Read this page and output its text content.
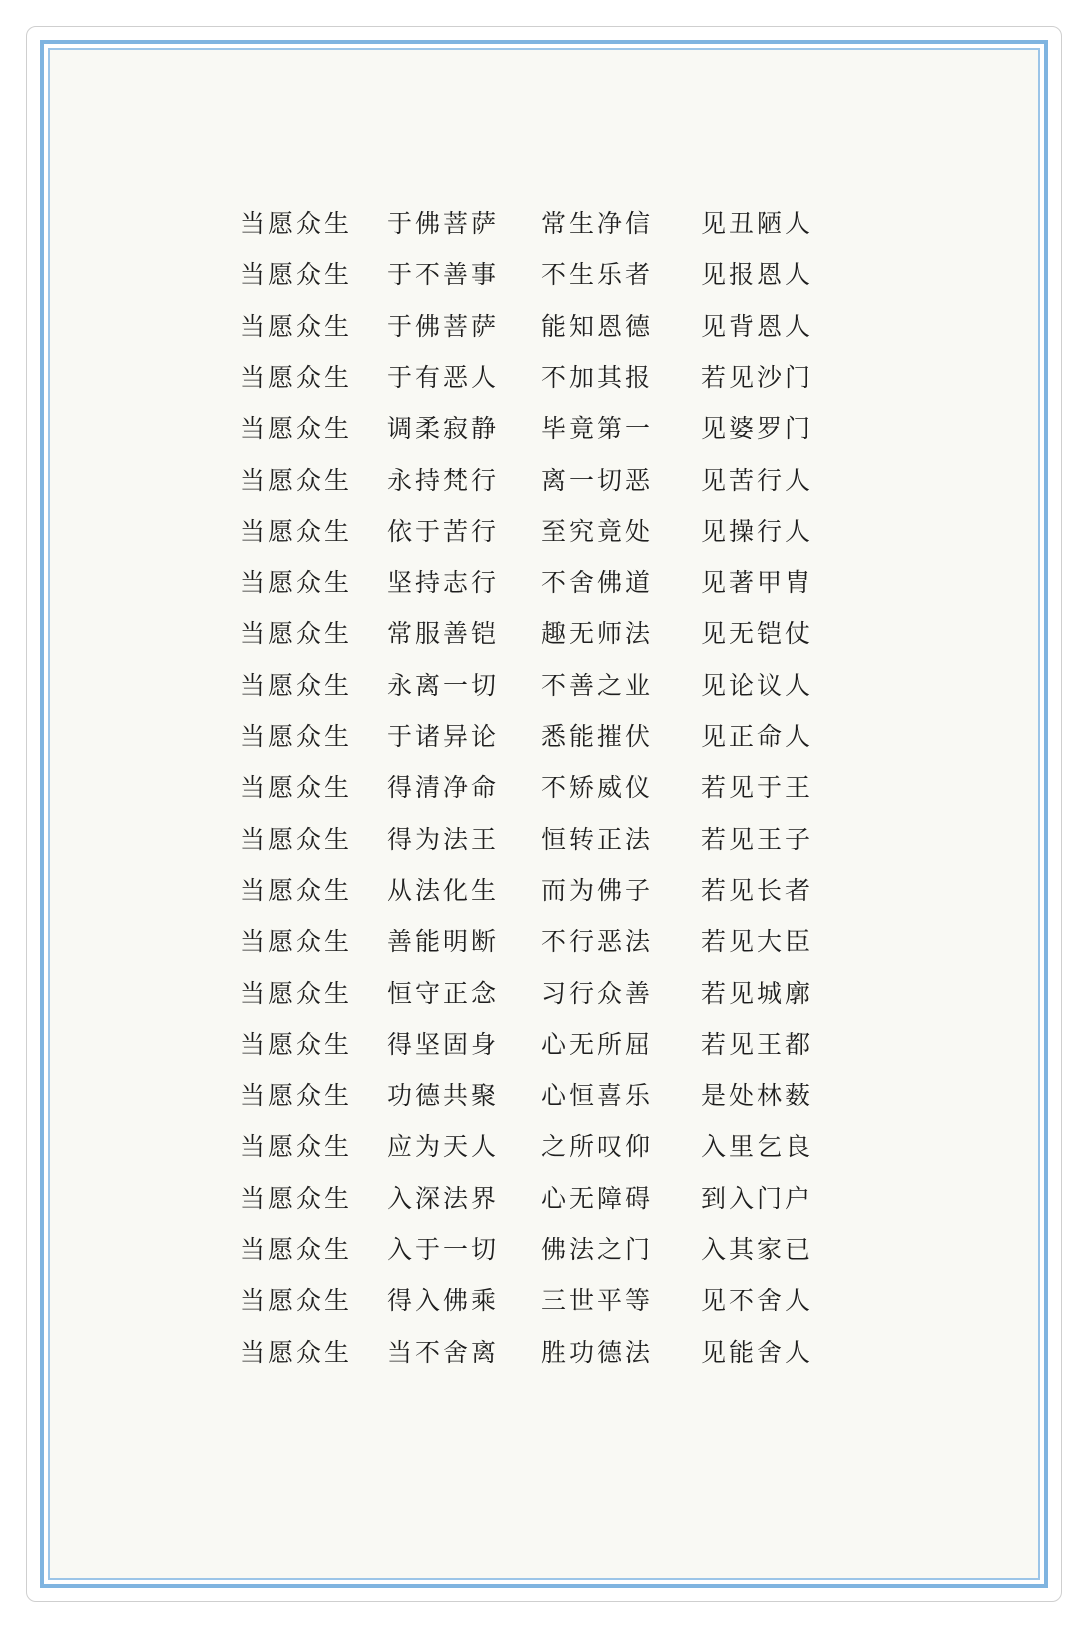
当愿众生 于佛菩萨 常生净信 见丑陋人
当愿众生 于不善事 不生乐者 见报恩人
当愿众生 于佛菩萨 能知恩德 见背恩人
当愿众生 于有恶人 不加其报 若见沙门
当愿众生 调柔寂静 毕竟第一 见婆罗门
当愿众生 永持梵行 离一切恶 见苦行人
当愿众生 依于苦行 至究竟处 见操行人
当愿众生 坚持志行 不舍佛道 见著甲胄
当愿众生 常服善铠 趣无师法 见无铠仗
当愿众生 永离一切 不善之业 见论议人
当愿众生 于诸异论 悉能摧伏 见正命人
当愿众生 得清净命 不矫威仪 若见于王
当愿众生 得为法王 恒转正法 若见王子
当愿众生 从法化生 而为佛子 若见长者
当愿众生 善能明断 不行恶法 若见大臣
当愿众生 恒守正念 习行众善 若见城廓
当愿众生 得坚固身 心无所屈 若见王都
当愿众生 功德共聚 心恒喜乐 是处林薮
当愿众生 应为天人 之所叹仰 入里乞良
当愿众生 入深法界 心无障碍 到入门户
当愿众生 入于一切 佛法之门 入其家已
当愿众生 得入佛乘 三世平等 见不舍人
当愿众生 当不舍离 胜功德法 见能舍人
